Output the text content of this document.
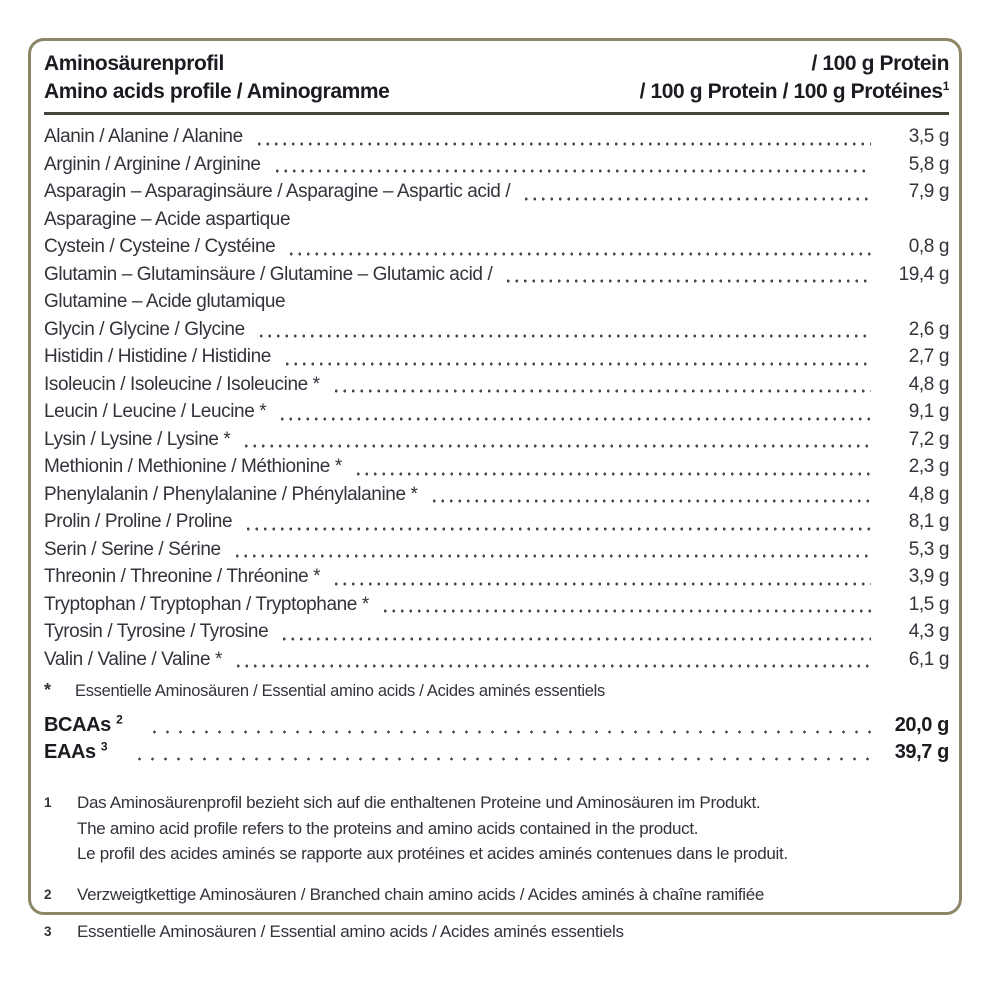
Aminosäurenprofil	/ 100 g Protein
Amino acids profile / Aminogramme	/ 100 g Protein / 100 g Protéines$^1$
Alanin / Alanine / Alanine	3,5 g
Arginin / Arginine / Arginine	5,8 g
Asparagin – Asparaginsäure / Asparagine – Aspartic acid /	7,9 g
Asparagine – Acide aspartique
Cystein / Cysteine / Cystéine	0,8 g
Glutamin – Glutaminsäure / Glutamine – Glutamic acid /	19,4 g
Glutamine – Acide glutamique
Glycin / Glycine / Glycine	2,6 g
Histidin / Histidine / Histidine	2,7 g
Isoleucin / Isoleucine / Isoleucine *	4,8 g
Leucin / Leucine / Leucine *	9,1 g
Lysin / Lysine / Lysine *	7,2 g
Methionin / Methionine / Méthionine *	2,3 g
Phenylalanin / Phenylalanine / Phénylalanine *	4,8 g
Prolin / Proline / Proline	8,1 g
Serin / Serine / Sérine	5,3 g
Threonin / Threonine / Thréonine *	3,9 g
Tryptophan / Tryptophan / Tryptophane *	1,5 g
Tyrosin / Tyrosine / Tyrosine	4,3 g
Valin / Valine / Valine *	6,1 g
*	Essentielle Aminosäuren / Essential amino acids / Acides aminés essentiels
BCAAs $^2$	20,0 g
EAAs $^3$	39,7 g
1	Das Aminosäurenprofil bezieht sich auf die enthaltenen Proteine und Aminosäuren im Produkt.
The amino acid profile refers to the proteins and amino acids contained in the product.
Le profil des acides aminés se rapporte aux protéines et acides aminés contenues dans le produit.
2	Verzweigtkettige Aminosäuren / Branched chain amino acids / Acides aminés à chaîne ramifiée
3	Essentielle Aminosäuren / Essential amino acids / Acides aminés essentiels
